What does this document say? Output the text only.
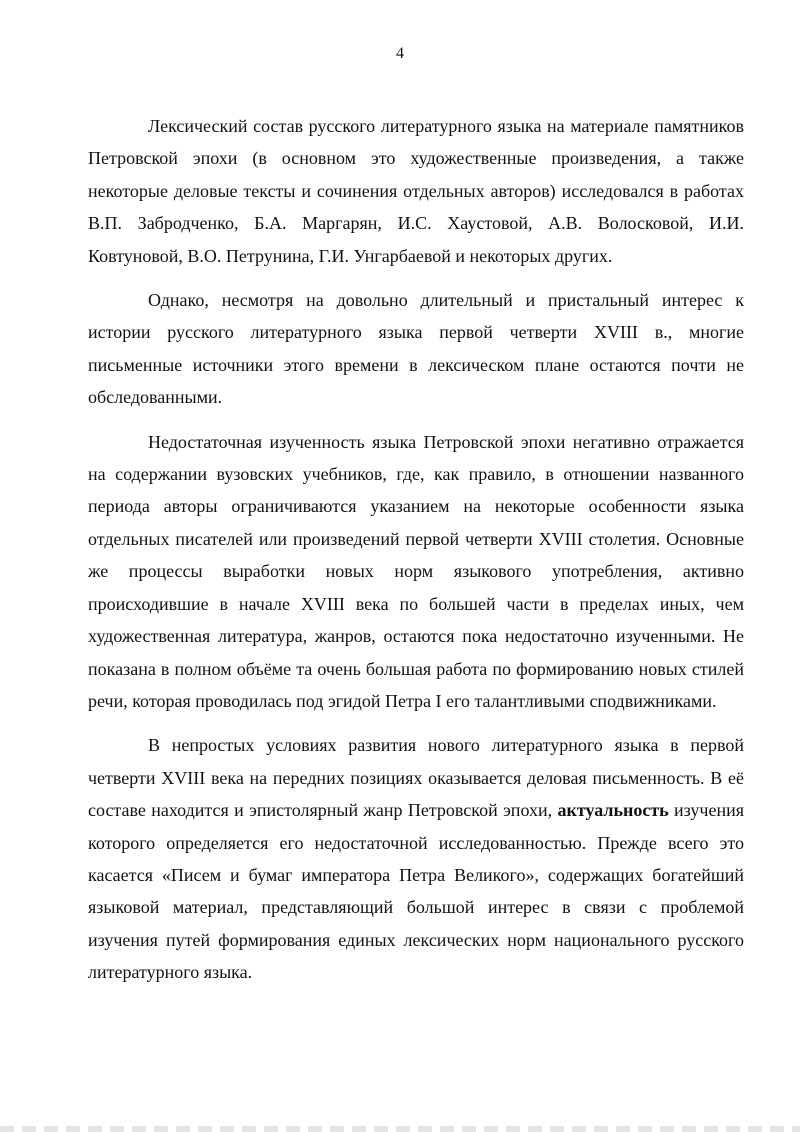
4

Лексический состав русского литературного языка на материале памятников Петровской эпохи (в основном это художественные произведения, а также некоторые деловые тексты и сочинения отдельных авторов) исследовался в работах В.П. Забродченко, Б.А. Маргарян, И.С. Хаустовой, А.В. Волосковой, И.И. Ковтуновой, В.О. Петрунина, Г.И. Унгарбаевой и некоторых других.

Однако, несмотря на довольно длительный и пристальный интерес к истории русского литературного языка первой четверти XVIII в., многие письменные источники этого времени в лексическом плане остаются почти не обследованными.

Недостаточная изученность языка Петровской эпохи негативно отражается на содержании вузовских учебников, где, как правило, в отношении названного периода авторы ограничиваются указанием на некоторые особенности языка отдельных писателей или произведений первой четверти XVIII столетия. Основные же процессы выработки новых норм языкового употребления, активно происходившие в начале XVIII века по большей части в пределах иных, чем художественная литература, жанров, остаются пока недостаточно изученными. Не показана в полном объёме та очень большая работа по формированию новых стилей речи, которая проводилась под эгидой Петра I его талантливыми сподвижниками.

В непростых условиях развития нового литературного языка в первой четверти XVIII века на передних позициях оказывается деловая письменность. В её составе находится и эпистолярный жанр Петровской эпохи, актуальность изучения которого определяется его недостаточной исследованностью. Прежде всего это касается «Писем и бумаг императора Петра Великого», содержащих богатейший языковой материал, представляющий большой интерес в связи с проблемой изучения путей формирования единых лексических норм национального русского литературного языка.
